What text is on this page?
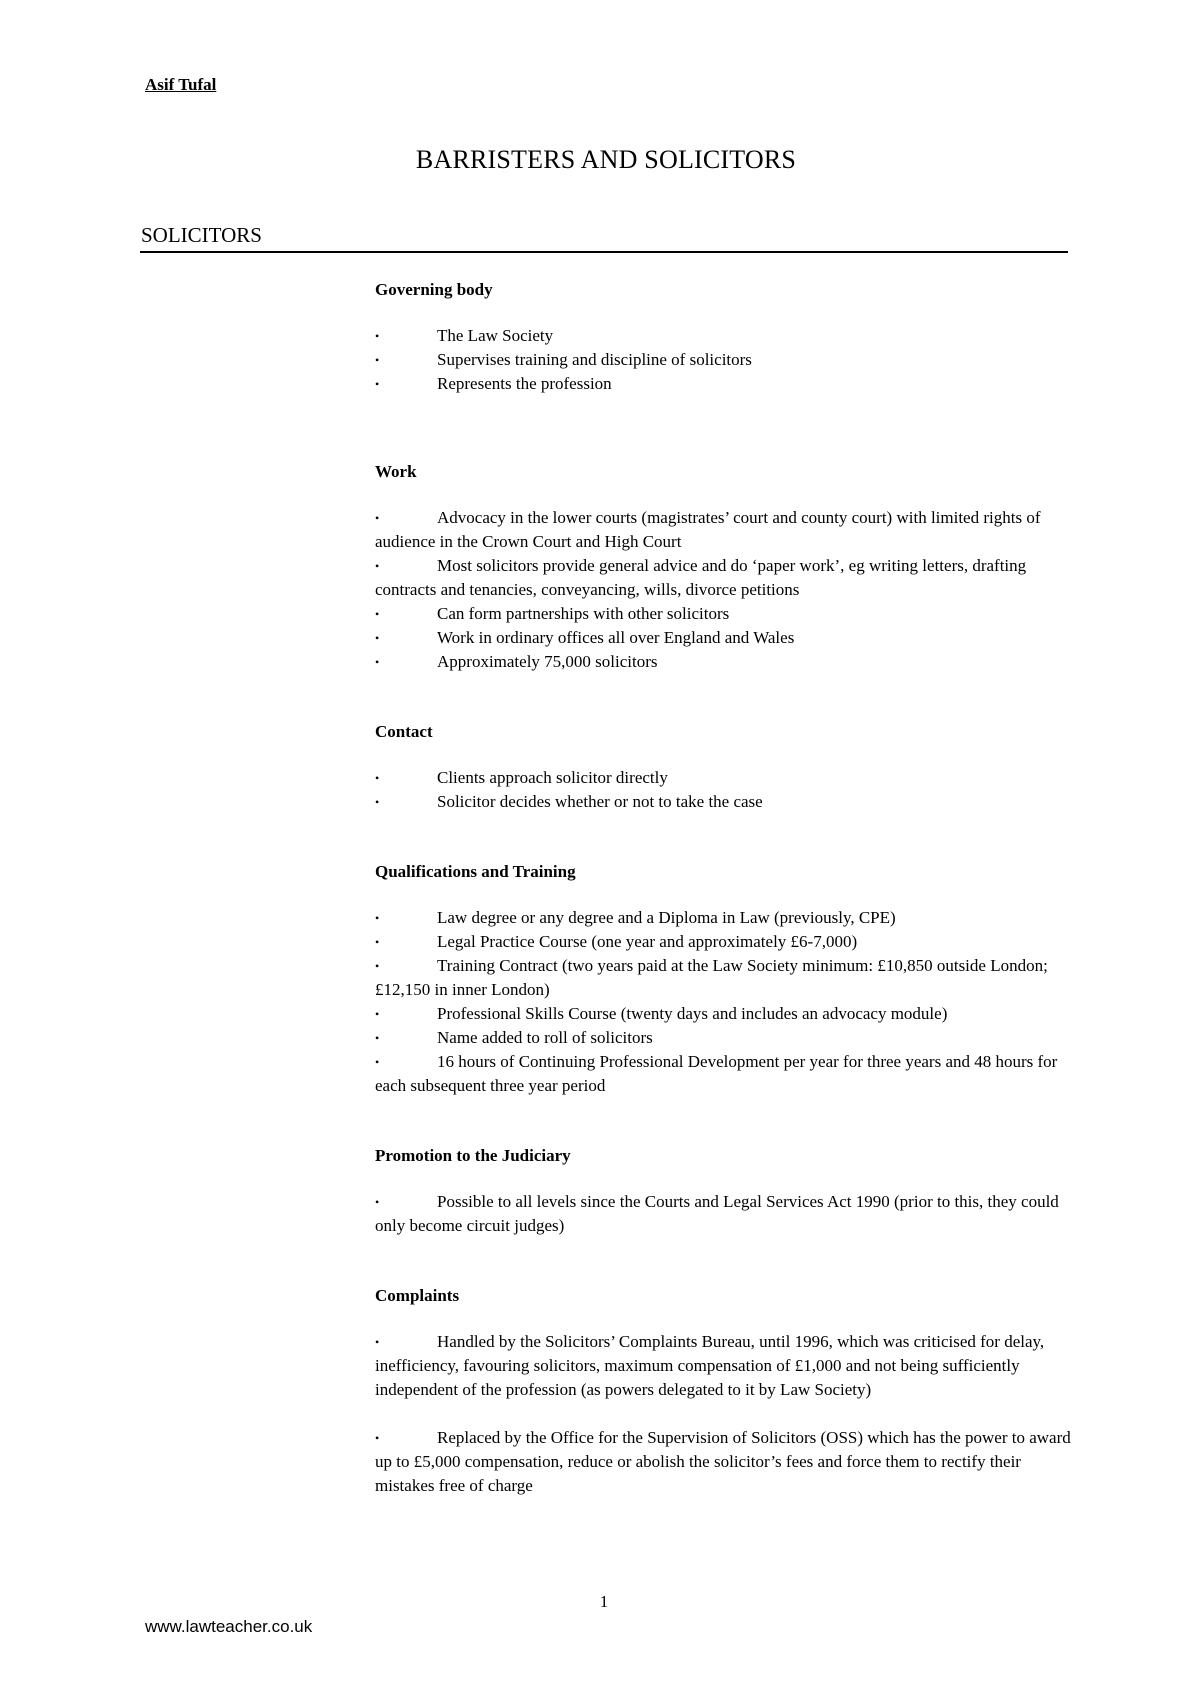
Asif Tufal
BARRISTERS AND SOLICITORS
SOLICITORS
Governing body
•	The Law Society
•	Supervises training and discipline of solicitors
•	Represents the profession
Work
•	Advocacy in the lower courts (magistrates’ court and county court) with limited rights of audience in the Crown Court and High Court
•	Most solicitors provide general advice and do ‘paper work’, eg writing letters, drafting contracts and tenancies, conveyancing, wills, divorce petitions
•	Can form partnerships with other solicitors
•	Work in ordinary offices all over England and Wales
•	Approximately 75,000 solicitors
Contact
•	Clients approach solicitor directly
•	Solicitor decides whether or not to take the case
Qualifications and Training
•	Law degree or any degree and a Diploma in Law (previously, CPE)
•	Legal Practice Course (one year and approximately £6-7,000)
•	Training Contract (two years paid at the Law Society minimum: £10,850 outside London; £12,150 in inner London)
•	Professional Skills Course (twenty days and includes an advocacy module)
•	Name added to roll of solicitors
•	16 hours of Continuing Professional Development per year for three years and 48 hours for each subsequent three year period
Promotion to the Judiciary
•	Possible to all levels since the Courts and Legal Services Act 1990 (prior to this, they could only become circuit judges)
Complaints
•	Handled by the Solicitors’ Complaints Bureau, until 1996, which was criticised for delay, inefficiency, favouring solicitors, maximum compensation of £1,000 and not being sufficiently independent of the profession (as powers delegated to it by Law Society)
•	Replaced by the Office for the Supervision of Solicitors (OSS) which has the power to award up to £5,000 compensation, reduce or abolish the solicitor’s fees and force them to rectify their mistakes free of charge
1
www.lawteacher.co.uk
